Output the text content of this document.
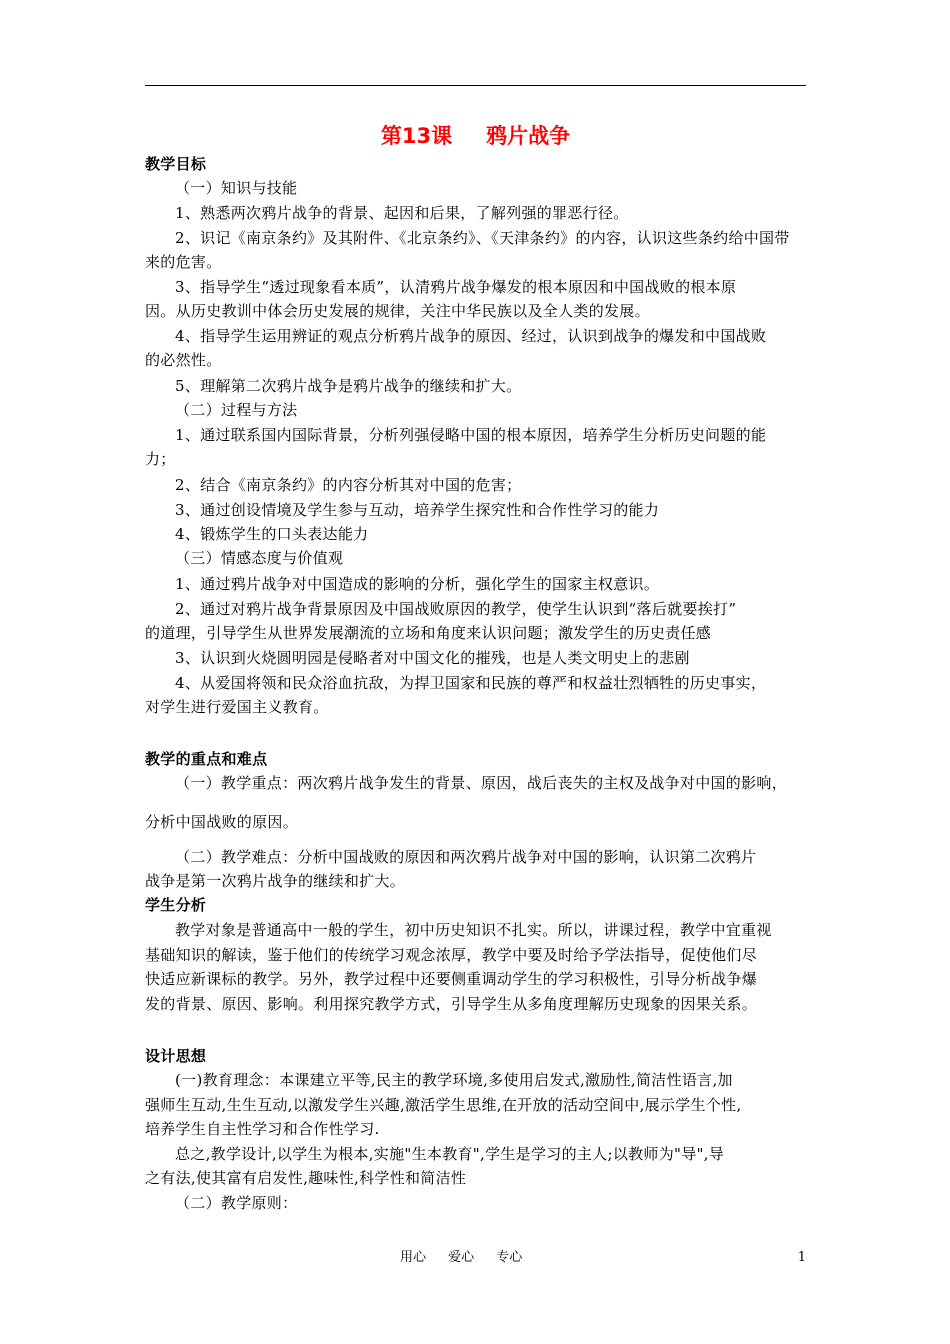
第13课 鸦片战争
教学目标
（一）知识与技能
1、熟悉两次鸦片战争的背景、起因和后果，了解列强的罪恶行径。
2、识记《南京条约》及其附件、《北京条约》、《天津条约》的内容，认识这些条约给中国带
来的危害。
3、指导学生“透过现象看本质”，认清鸦片战争爆发的根本原因和中国战败的根本原
因。从历史教训中体会历史发展的规律，关注中华民族以及全人类的发展。
4、指导学生运用辨证的观点分析鸦片战争的原因、经过，认识到战争的爆发和中国战败
的必然性。
5、理解第二次鸦片战争是鸦片战争的继续和扩大。
（二）过程与方法
1、通过联系国内国际背景，分析列强侵略中国的根本原因，培养学生分析历史问题的能
力；
2、结合《南京条约》的内容分析其对中国的危害；
3、通过创设情境及学生参与互动，培养学生探究性和合作性学习的能力
4、锻炼学生的口头表达能力
（三）情感态度与价值观
1、通过鸦片战争对中国造成的影响的分析，强化学生的国家主权意识。
2、通过对鸦片战争背景原因及中国战败原因的教学，使学生认识到“落后就要挨打”
的道理，引导学生从世界发展潮流的立场和角度来认识问题；激发学生的历史责任感
3、认识到火烧圆明园是侵略者对中国文化的摧残，也是人类文明史上的悲剧
4、从爱国将领和民众浴血抗敌，为捍卫国家和民族的尊严和权益壮烈牺牲的历史事实，
对学生进行爱国主义教育。
教学的重点和难点
（一）教学重点：两次鸦片战争发生的背景、原因，战后丧失的主权及战争对中国的影响，
分析中国战败的原因。
（二）教学难点：分析中国战败的原因和两次鸦片战争对中国的影响，认识第二次鸦片
战争是第一次鸦片战争的继续和扩大。
学生分析
教学对象是普通高中一般的学生，初中历史知识不扎实。所以，讲课过程，教学中宜重视
基础知识的解读，鉴于他们的传统学习观念浓厚，教学中要及时给予学法指导，促使他们尽
快适应新课标的教学。另外，教学过程中还要侧重调动学生的学习积极性，引导分析战争爆
发的背景、原因、影响。利用探究教学方式，引导学生从多角度理解历史现象的因果关系。
设计思想
(一)教育理念：本课建立平等,民主的教学环境,多使用启发式,激励性,简洁性语言,加
强师生互动,生生互动,以激发学生兴趣,激活学生思维,在开放的活动空间中,展示学生个性,
培养学生自主性学习和合作性学习.
总之,教学设计,以学生为根本,实施"生本教育",学生是学习的主人;以教师为"导",导
之有法,使其富有启发性,趣味性,科学性和简洁性
（二）教学原则：
用心 爱心 专心	1
